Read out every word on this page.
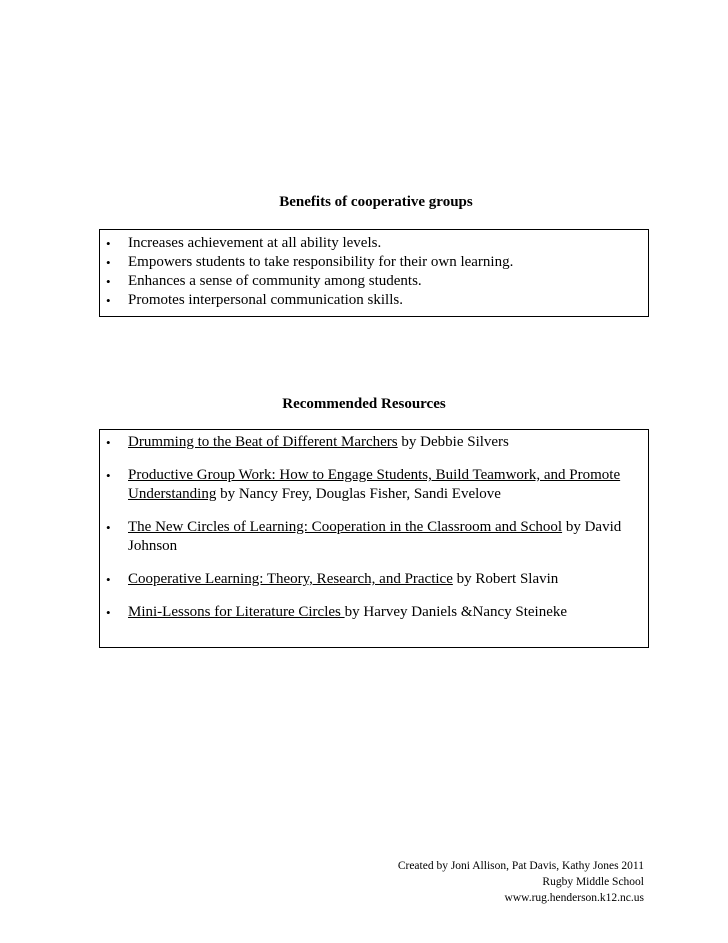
Benefits of cooperative groups
• Increases achievement at all ability levels.
• Empowers students to take responsibility for their own learning.
• Enhances a sense of community among students.
• Promotes interpersonal communication skills.
Recommended Resources
• Drumming to the Beat of Different Marchers by Debbie Silvers
• Productive Group Work: How to Engage Students, Build Teamwork, and Promote Understanding by Nancy Frey, Douglas Fisher, Sandi Evelove
• The New Circles of Learning: Cooperation in the Classroom and School by David Johnson
• Cooperative Learning: Theory, Research, and Practice by Robert Slavin
• Mini-Lessons for Literature Circles by Harvey Daniels &Nancy Steineke
Created by Joni Allison, Pat Davis, Kathy Jones 2011
Rugby Middle School
www.rug.henderson.k12.nc.us
